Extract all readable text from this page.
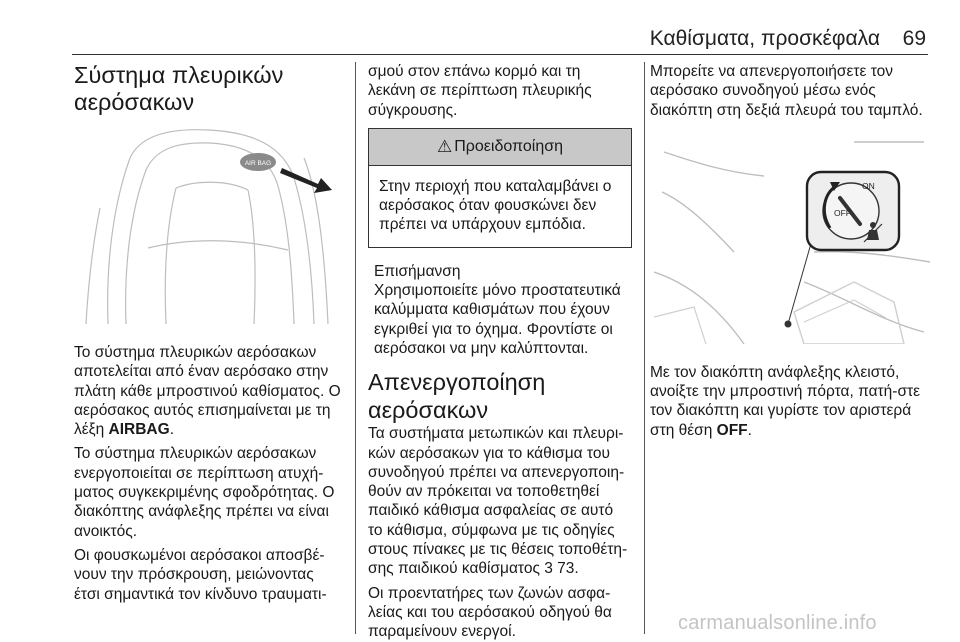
Καθίσματα, προσκέφαλα 69
Σύστημα πλευρικών
αερόσακων
AIR BAG

Το σύστημα πλευρικών αερόσακων αποτελείται από έναν αερόσακο στην πλάτη κάθε μπροστινού καθίσματος. Ο αερόσακος αυτός επισημαίνεται με τη λέξη AIRBAG.

Το σύστημα πλευρικών αερόσακων ενεργοποιείται σε περίπτωση ατυχή-ματος συγκεκριμένης σφοδρότητας. Ο διακόπτης ανάφλεξης πρέπει να είναι ανοικτός.

Οι φουσκωμένοι αερόσακοι αποσβέ-νουν την πρόσκρουση, μειώνοντας έτσι σημαντικά τον κίνδυνο τραυματι-

σμού στον επάνω κορμό και τη λεκάνη σε περίπτωση πλευρικής σύγκρουσης.

⚠ Προειδοποίηση
Στην περιοχή που καταλαμβάνει ο αερόσακος όταν φουσκώνει δεν πρέπει να υπάρχουν εμπόδια.
Επισήμανση

Χρησιμοποιείτε μόνο προστατευτικά καλύμματα καθισμάτων που έχουν εγκριθεί για το όχημα. Φροντίστε οι αερόσακοι να μην καλύπτονται.

Απενεργοποίηση
αερόσακων

Τα συστήματα μετωπικών και πλευρι-κών αερόσακων για το κάθισμα του συνοδηγού πρέπει να απενεργοποιη-θούν αν πρόκειται να τοποθετηθεί παιδικό κάθισμα ασφαλείας σε αυτό το κάθισμα, σύμφωνα με τις οδηγίες στους πίνακες με τις θέσεις τοποθέτη-σης παιδικού καθίσματος 3 73.

Οι προεντατήρες των ζωνών ασφα-λείας και του αερόσακού οδηγού θα παραμείνουν ενεργοί.

Μπορείτε να απενεργοποιήσετε τον αερόσακο συνοδηγού μέσω ενός διακόπτη στη δεξιά πλευρά του ταμπλό.

ON
OFF

Με τον διακόπτη ανάφλεξης κλειστό, ανοίξτε την μπροστινή πόρτα, πατή-στε τον διακόπτη και γυρίστε τον αριστερά στη θέση OFF.

carmanualsonline.info
